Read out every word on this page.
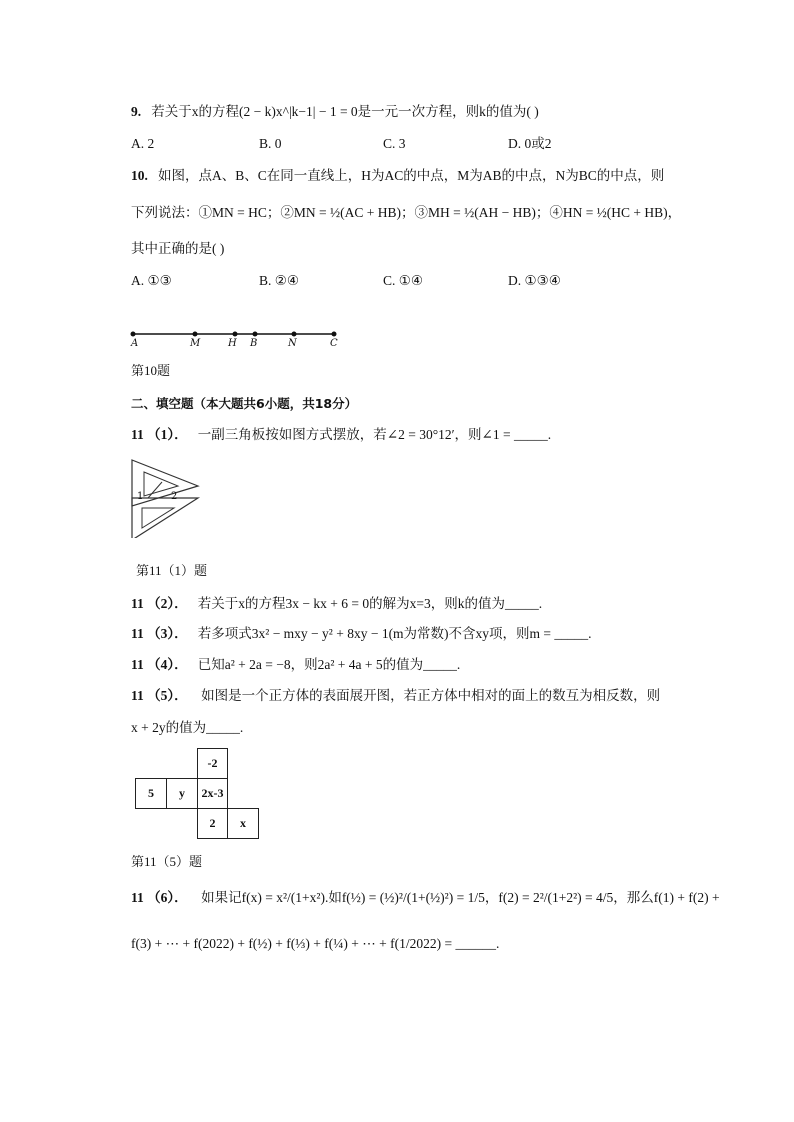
9. 若关于x的方程(2 − k)x^|k−1| − 1 = 0是一元一次方程，则k的值为( )
A. 2	B. 0	C. 3	D. 0或2
10. 如图，点A、B、C在同一直线上，H为AC的中点，M为AB的中点，N为BC的中点，则
下列说法：①MN = HC；②MN = ½(AC + HB)；③MH = ½(AH − HB)；④HN = ½(HC + HB)，
其中正确的是( )
A. ①③	B. ②④	C. ①④	D. ①③④
A	M	H B	N	C
第10题
二、填空题（本大题共6小题，共18分）
11 （1）． 一副三角板按如图方式摆放，若∠2 = 30°12′，则∠1 = _____.
1	2
第11（1）题
11 （2）． 若关于x的方程3x − kx + 6 = 0的解为x=3，则k的值为_____.
11 （3）． 若多项式3x² − mxy − y² + 8xy − 1(m为常数)不含xy项，则m = _____.
11 （4）． 已知a² + 2a = −8，则2a² + 4a + 5的值为_____.
11 （5）． 如图是一个正方体的表面展开图，若正方体中相对的面上的数互为相反数，则
x + 2y的值为_____.
-2
5	y	2x-3
2	x
第11（5）题
11 （6）． 如果记f(x) = x²/(1+x²).如f(½) = (½)²/(1+(½)²) = 1/5，f(2) = 2²/(1+2²) = 4/5，那么f(1) + f(2) +
f(3) + ⋯ + f(2022) + f(½) + f(⅓) + f(¼) + ⋯ + f(1/2022) = ______.
